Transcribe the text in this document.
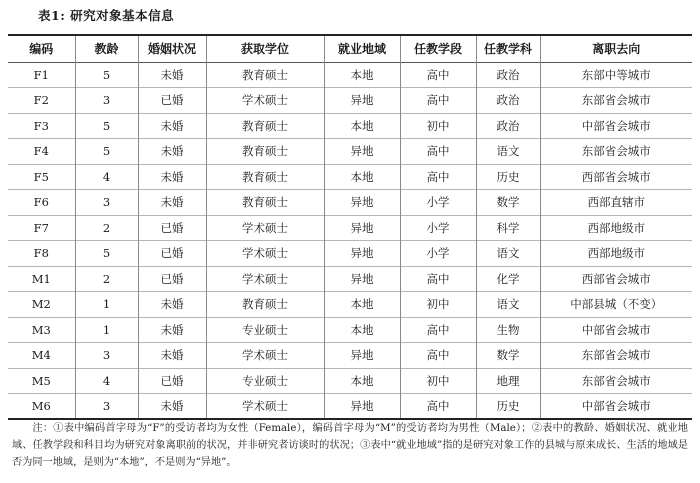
表1: 研究对象基本信息
编码	教龄	婚姻状况	获取学位	就业地域	任教学段	任教学科	离职去向
F1	5	未婚	教育硕士	本地	高中	政治	东部中等城市
F2	3	已婚	学术硕士	异地	高中	政治	东部省会城市
F3	5	未婚	教育硕士	本地	初中	政治	中部省会城市
F4	5	未婚	教育硕士	异地	高中	语文	东部省会城市
F5	4	未婚	教育硕士	本地	高中	历史	西部省会城市
F6	3	未婚	教育硕士	异地	小学	数学	西部直辖市
F7	2	已婚	学术硕士	异地	小学	科学	西部地级市
F8	5	已婚	学术硕士	异地	小学	语文	西部地级市
M1	2	已婚	学术硕士	异地	高中	化学	西部省会城市
M2	1	未婚	教育硕士	本地	初中	语文	中部县城（不变）
M3	1	未婚	专业硕士	本地	高中	生物	中部省会城市
M4	3	未婚	学术硕士	异地	高中	数学	东部省会城市
M5	4	已婚	专业硕士	本地	初中	地理	东部省会城市
M6	3	未婚	学术硕士	异地	高中	历史	中部省会城市
注：①表中编码首字母为“F”的受访者均为女性（Female），编码首字母为“M”的受访者均为男性（Male）；②表中的教龄、婚姻状况、就业地域、任教学段和科目均为研究对象离职前的状况，并非研究者访谈时的状况；③表中“就业地域”指的是研究对象工作的县城与原来成长、生活的地域是否为同一地域，是则为“本地”，不是则为“异地”。
